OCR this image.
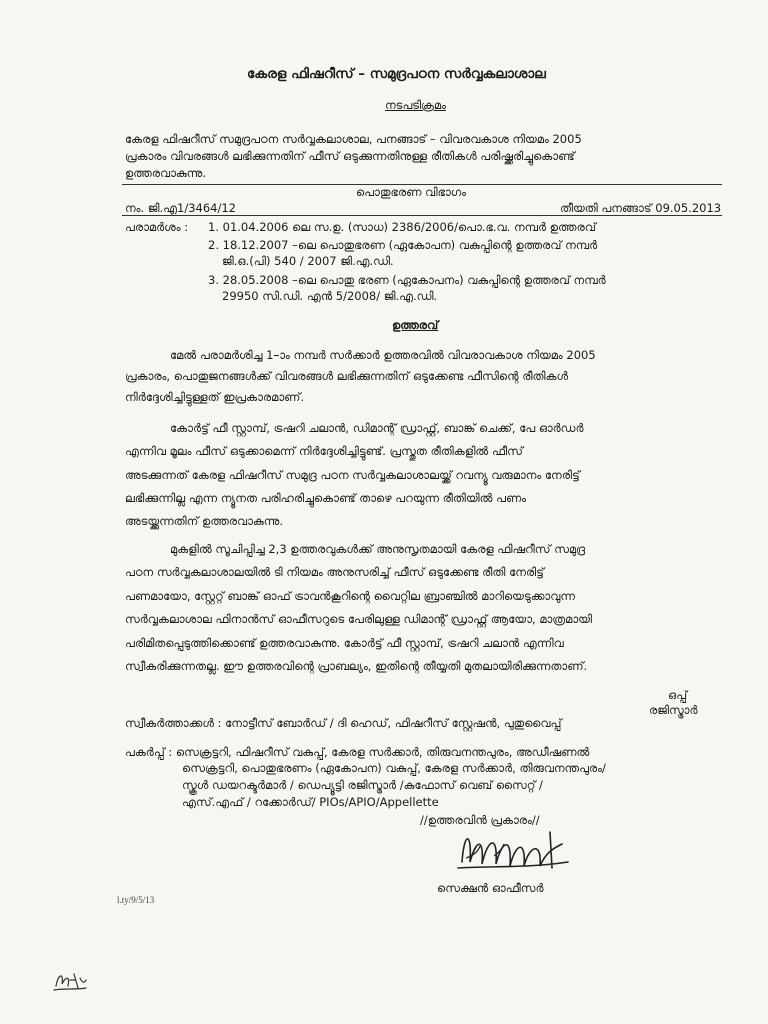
കേരള ഫിഷറീസ് – സമുദ്രപഠന സർവ്വകലാശാല
നടപടിക്രമം
കേരള ഫിഷറീസ് സമുദ്രപഠന സർവ്വകലാശാല, പനങ്ങാട് – വിവരവകാശ നിയമം 2005
പ്രകാരം വിവരങ്ങൾ ലഭിക്കുന്നതിന് ഫീസ് ഒടുക്കുന്നതിനുള്ള രീതികൾ പരിഷ്ക്കരിച്ചുകൊണ്ട്
ഉത്തരവാകുന്നു.
പൊതുഭരണ വിഭാഗം
നം. ജി.എ1/3464/12	തീയതി പനങ്ങാട് 09.05.2013
പരാമർശം : 1. 01.04.2006 ലെ സ.ഉ. (സാധ) 2386/2006/പൊ.ഭ.വ. നമ്പർ ഉത്തരവ്
2. 18.12.2007 –ലെ പൊതുഭരണ (ഏകോപന) വകുപ്പിന്റെ ഉത്തരവ് നമ്പർ
ജി.ഒ.(പി) 540 / 2007 ജി.എ.ഡി.
3. 28.05.2008 –ലെ പൊതു ഭരണ (ഏകോപനം) വകുപ്പിന്റെ ഉത്തരവ് നമ്പർ
29950 സി.ഡി. എൻ 5/2008/ ജി.എ.ഡി.
ഉത്തരവ്
മേൽ പരാമർശിച്ച 1–ാം നമ്പർ സർക്കാർ ഉത്തരവിൽ വിവരാവകാശ നിയമം 2005
പ്രകാരം, പൊതുജനങ്ങൾക്ക് വിവരങ്ങൾ ലഭിക്കുന്നതിന് ഒടുക്കേണ്ട ഫീസിന്റെ രീതികൾ
നിർദ്ദേശിച്ചിട്ടുള്ളത് ഇപ്രകാരമാണ്.
കോർട്ട് ഫീ സ്റ്റാമ്പ്, ട്രഷറി ചലാൻ, ഡിമാന്റ് ഡ്രാഫ്റ്റ്, ബാങ്ക് ചെക്ക്, പേ ഓർഡർ
എന്നിവ മൂലം ഫീസ് ഒടുക്കാമെന്ന് നിർദ്ദേശിച്ചിട്ടുണ്ട്. പ്രസ്തുത രീതികളിൽ ഫീസ്
അടക്കുന്നത് കേരള ഫിഷറീസ് സമുദ്ര പഠന സർവ്വകലാശാലയ്ക്ക് റവന്യൂ വരുമാനം നേരിട്ട്
ലഭിക്കുന്നില്ല എന്ന ന്യൂനത പരിഹരിച്ചുകൊണ്ട് താഴെ പറയുന്ന രീതിയിൽ പണം
അടയ്ക്കുന്നതിന് ഉത്തരവാകുന്നു.
മുകളിൽ സൂചിപ്പിച്ച 2,3 ഉത്തരവുകൾക്ക് അനുസൃതമായി കേരള ഫിഷറീസ് സമുദ്ര
പഠന സർവ്വകലാശാലയിൽ ടി നിയമം അനുസരിച്ച് ഫീസ് ഒടുക്കേണ്ട രീതി നേരിട്ട്
പണമായോ, സ്റ്റേറ്റ് ബാങ്ക് ഓഫ് ട്രാവൻകൂറിന്റെ വൈറ്റില ബ്രാഞ്ചിൽ മാറിയെടുക്കാവുന്ന
സർവ്വകലാശാല ഫിനാൻസ് ഓഫീസറുടെ പേരിലുള്ള ഡിമാന്റ് ഡ്രാഫ്റ്റ് ആയോ, മാത്രമായി
പരിമിതപ്പെടുത്തിക്കൊണ്ട് ഉത്തരവാകുന്നു. കോർട്ട് ഫീ സ്റ്റാമ്പ്, ട്രഷറി ചലാൻ എന്നിവ
സ്വീകരിക്കുന്നതല്ല. ഈ ഉത്തരവിന്റെ പ്രാബല്യം, ഇതിന്റെ തീയ്യതി മുതലായിരിക്കുന്നതാണ്.
ഒപ്പ്
രജിസ്ട്രാർ
സ്വീകർത്താക്കൾ : നോട്ടീസ് ബോർഡ് / ദി ഹെഡ്, ഫിഷറീസ് സ്റ്റേഷൻ, പുതുവൈപ്പ്
പകർപ്പ് : സെക്രട്ടറി, ഫിഷറീസ് വകുപ്പ്, കേരള സർക്കാർ, തിരുവനന്തപുരം, അഡീഷണൽ
സെക്രട്ടറി, പൊതുഭരണം (ഏകോപന) വകുപ്പ്, കേരള സർക്കാർ, തിരുവനന്തപുരം/
സ്കൂൾ ഡയറക്ടർമാർ / ഡെപ്യൂട്ടി രജിസ്ട്രാർ /കുഫോസ് വെബ് സൈറ്റ് /
എസ്.എഫ് / റക്കോർഡ്/ PIOs/APIO/Appellette
//ഉത്തരവിൻ പ്രകാരം//
സെക്ഷൻ ഓഫീസർ
l.ty/9/5/13
